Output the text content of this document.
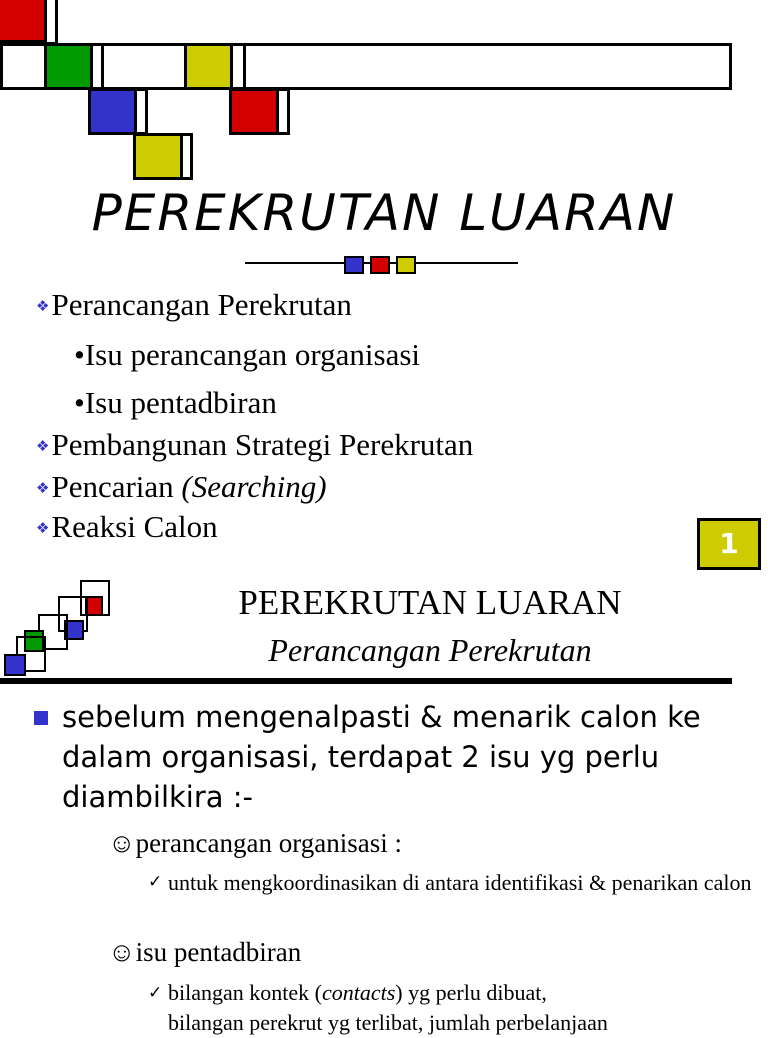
PEREKRUTAN LUARAN
❖Perancangan Perekrutan
•Isu perancangan organisasi
•Isu pentadbiran
❖Pembangunan Strategi Perekrutan
❖Pencarian (Searching)
❖Reaksi Calon	1
PEREKRUTAN LUARAN
Perancangan Perekrutan
sebelum mengenalpasti & menarik calon ke dalam organisasi, terdapat 2 isu yg perlu diambilkira :-
☺perancangan organisasi :
✓ untuk mengkoordinasikan di antara identifikasi & penarikan calon
☺isu pentadbiran
✓ bilangan kontek (contacts) yg perlu dibuat,
bilangan perekrut yg terlibat, jumlah perbelanjaan
